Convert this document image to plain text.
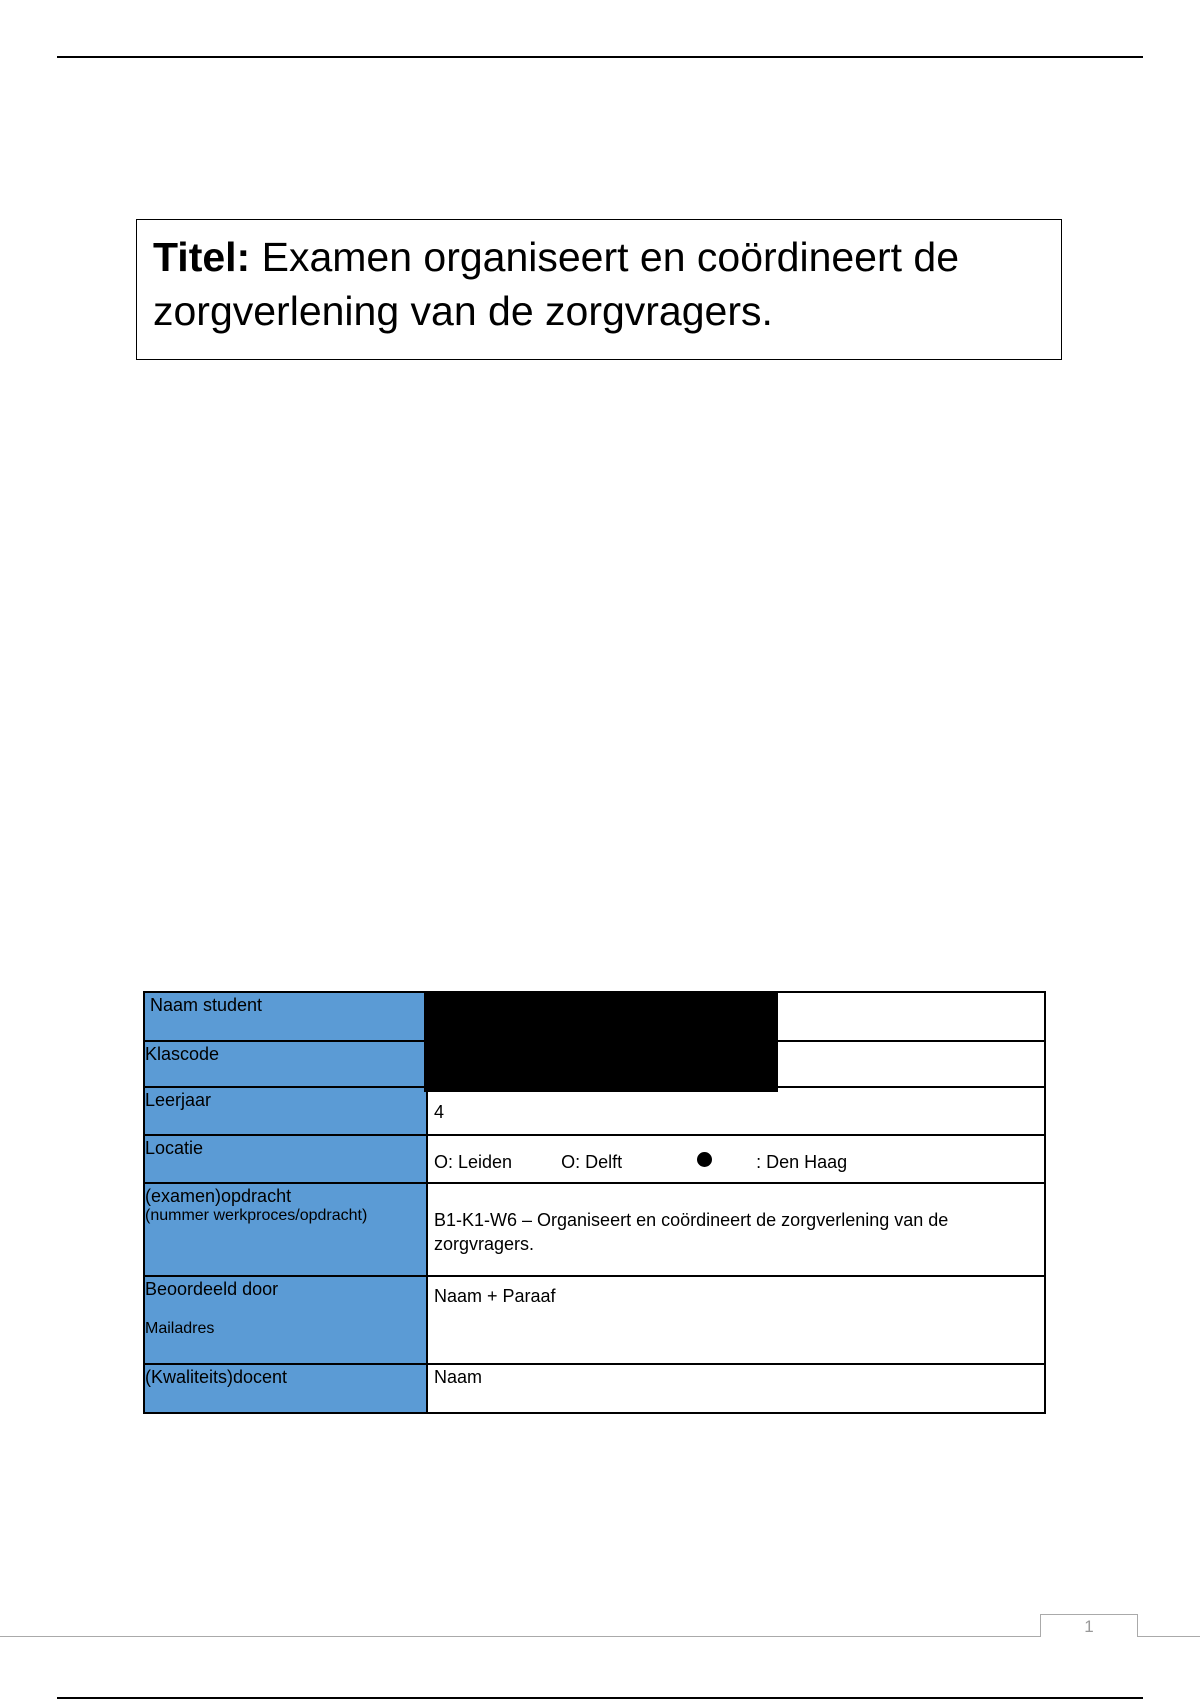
Titel: Examen organiseert en coördineert de zorgverlening van de zorgvragers.
Naam student	

Klascode	

Leerjaar	4

Locatie	O: Leiden O: Delft : Den Haag

(examen)opdracht
(nummer werkproces/opdracht)	B1-K1-W6 – Organiseert en coördineert de zorgverlening van de zorgvragers.

Beoordeeld door
Mailadres	Naam + Paraaf

(Kwaliteits)docent	Naam
1
